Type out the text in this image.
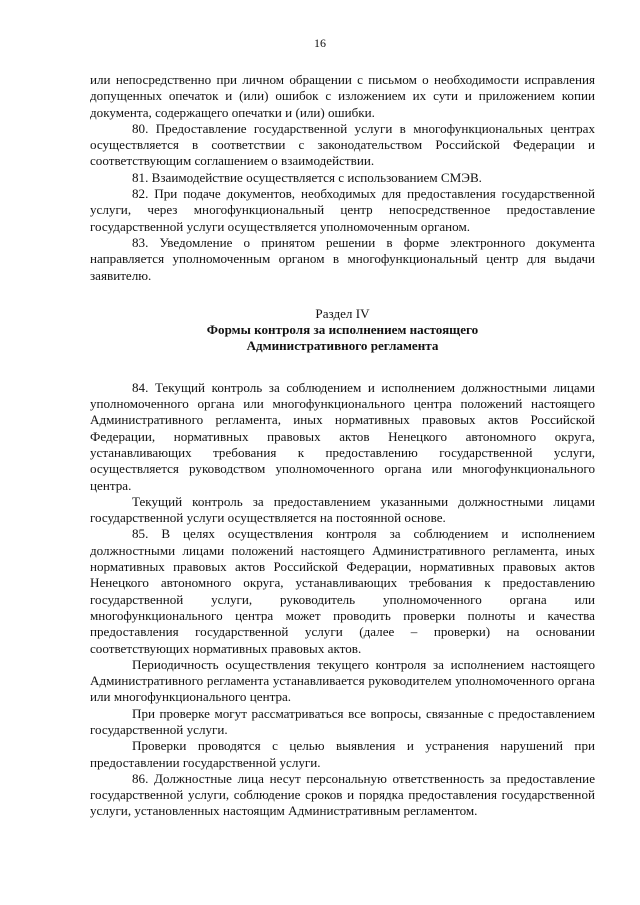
16

или непосредственно при личном обращении с письмом о необходимости исправления допущенных опечаток и (или) ошибок с изложением их сути и приложением копии документа, содержащего опечатки и (или) ошибки.

80. Предоставление государственной услуги в многофункциональных центрах осуществляется в соответствии с законодательством Российской Федерации и соответствующим соглашением о взаимодействии.

81. Взаимодействие осуществляется с использованием СМЭВ.

82. При подаче документов, необходимых для предоставления государственной услуги, через многофункциональный центр непосредственное предоставление государственной услуги осуществляется уполномоченным органом.

83. Уведомление о принятом решении в форме электронного документа направляется уполномоченным органом в многофункциональный центр для выдачи заявителю.

Раздел IV

Формы контроля за исполнением настоящего

Административного регламента

84. Текущий контроль за соблюдением и исполнением должностными лицами уполномоченного органа или многофункционального центра положений настоящего Административного регламента, иных нормативных правовых актов Российской Федерации, нормативных правовых актов Ненецкого автономного округа, устанавливающих требования к предоставлению государственной услуги, осуществляется руководством уполномоченного органа или многофункционального центра.

Текущий контроль за предоставлением указанными должностными лицами государственной услуги осуществляется на постоянной основе.

85. В целях осуществления контроля за соблюдением и исполнением должностными лицами положений настоящего Административного регламента, иных нормативных правовых актов Российской Федерации, нормативных правовых актов Ненецкого автономного округа, устанавливающих требования к предоставлению государственной услуги, руководитель уполномоченного органа или многофункционального центра может проводить проверки полноты и качества предоставления государственной услуги (далее – проверки) на основании соответствующих нормативных правовых актов.

Периодичность осуществления текущего контроля за исполнением настоящего Административного регламента устанавливается руководителем уполномоченного органа или многофункционального центра.

При проверке могут рассматриваться все вопросы, связанные с предоставлением государственной услуги.

Проверки проводятся с целью выявления и устранения нарушений при предоставлении государственной услуги.

86. Должностные лица несут персональную ответственность за предоставление государственной услуги, соблюдение сроков и порядка предоставления государственной услуги, установленных настоящим Административным регламентом.
